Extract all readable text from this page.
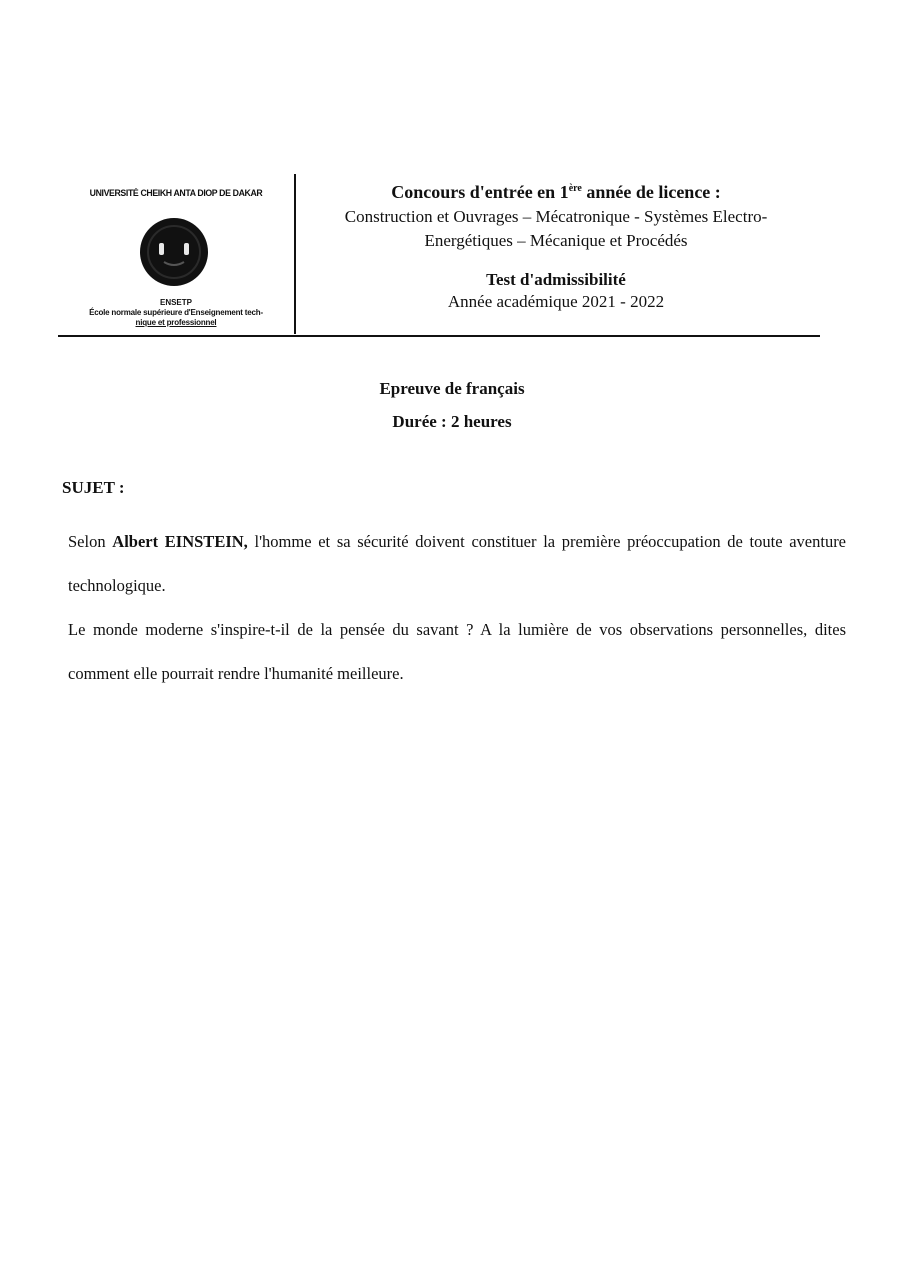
UNIVERSITÉ CHEIKH ANTA DIOP DE DAKAR
ENSETP
École normale supérieure d'Enseignement tech-
nique et professionnel
Concours d'entrée en 1ère année de licence :
Construction et Ouvrages – Mécatronique - Systèmes Electro-Energétiques – Mécanique et Procédés
Test d'admissibilité
Année académique 2021 - 2022
Epreuve de français
Durée : 2 heures
SUJET :

Selon Albert EINSTEIN, l'homme et sa sécurité doivent constituer la première préoccupation de toute aventure technologique.

Le monde moderne s'inspire-t-il de la pensée du savant ? A la lumière de vos observations personnelles, dites comment elle pourrait rendre l'humanité meilleure.
